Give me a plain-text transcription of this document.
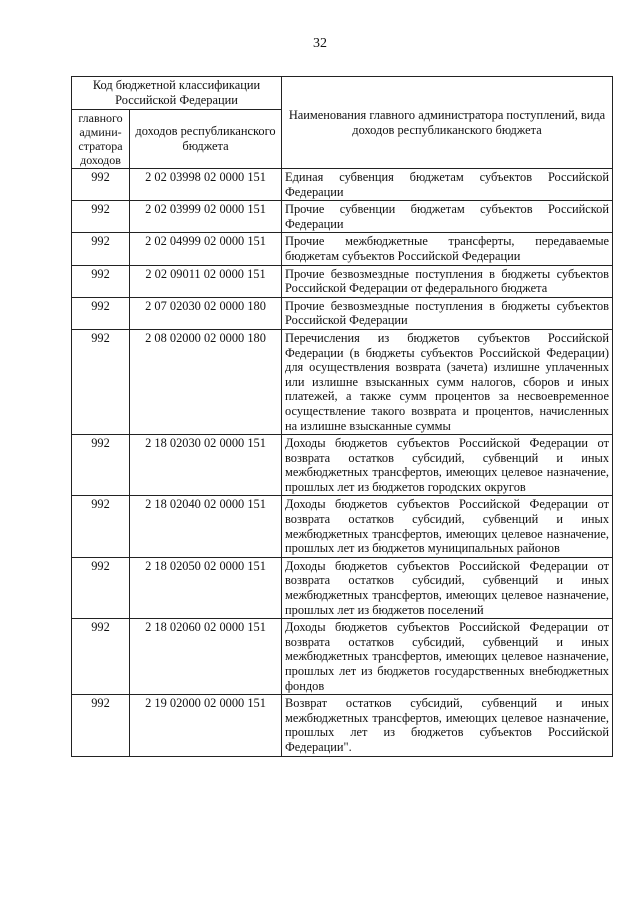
32
Код бюджетной классификации Российской Федерации		Наименования главного администратора поступлений, вида доходов республиканского бюджета
главного админи-стратора доходов	доходов республиканского бюджета	
992	2 02 03998 02 0000 151	Единая субвенция бюджетам субъектов Российской Федерации
992	2 02 03999 02 0000 151	Прочие субвенции бюджетам субъектов Российской Федерации
992	2 02 04999 02 0000 151	Прочие межбюджетные трансферты, передаваемые бюджетам субъектов Российской Федерации
992	2 02 09011 02 0000 151	Прочие безвозмездные поступления в бюджеты субъектов Российской Федерации от федерального бюджета
992	2 07 02030 02 0000 180	Прочие безвозмездные поступления в бюджеты субъектов Российской Федерации
992	2 08 02000 02 0000 180	Перечисления из бюджетов субъектов Российской Федерации (в бюджеты субъектов Российской Федерации) для осуществления возврата (зачета) излишне уплаченных или излишне взысканных сумм налогов, сборов и иных платежей, а также сумм процентов за несвоевременное осуществление такого возврата и процентов, начисленных на излишне взысканные суммы
992	2 18 02030 02 0000 151	Доходы бюджетов субъектов Российской Федерации от возврата остатков субсидий, субвенций и иных межбюджетных трансфертов, имеющих целевое назначение, прошлых лет из бюджетов городских округов
992	2 18 02040 02 0000 151	Доходы бюджетов субъектов Российской Федерации от возврата остатков субсидий, субвенций и иных межбюджетных трансфертов, имеющих целевое назначение, прошлых лет из бюджетов муниципальных районов
992	2 18 02050 02 0000 151	Доходы бюджетов субъектов Российской Федерации от возврата остатков субсидий, субвенций и иных межбюджетных трансфертов, имеющих целевое назначение, прошлых лет из бюджетов поселений
992	2 18 02060 02 0000 151	Доходы бюджетов субъектов Российской Федерации от возврата остатков субсидий, субвенций и иных межбюджетных трансфертов, имеющих целевое назначение, прошлых лет из бюджетов государственных внебюджетных фондов
992	2 19 02000 02 0000 151	Возврат остатков субсидий, субвенций и иных межбюджетных трансфертов, имеющих целевое назначение, прошлых лет из бюджетов субъектов Российской Федерации".
